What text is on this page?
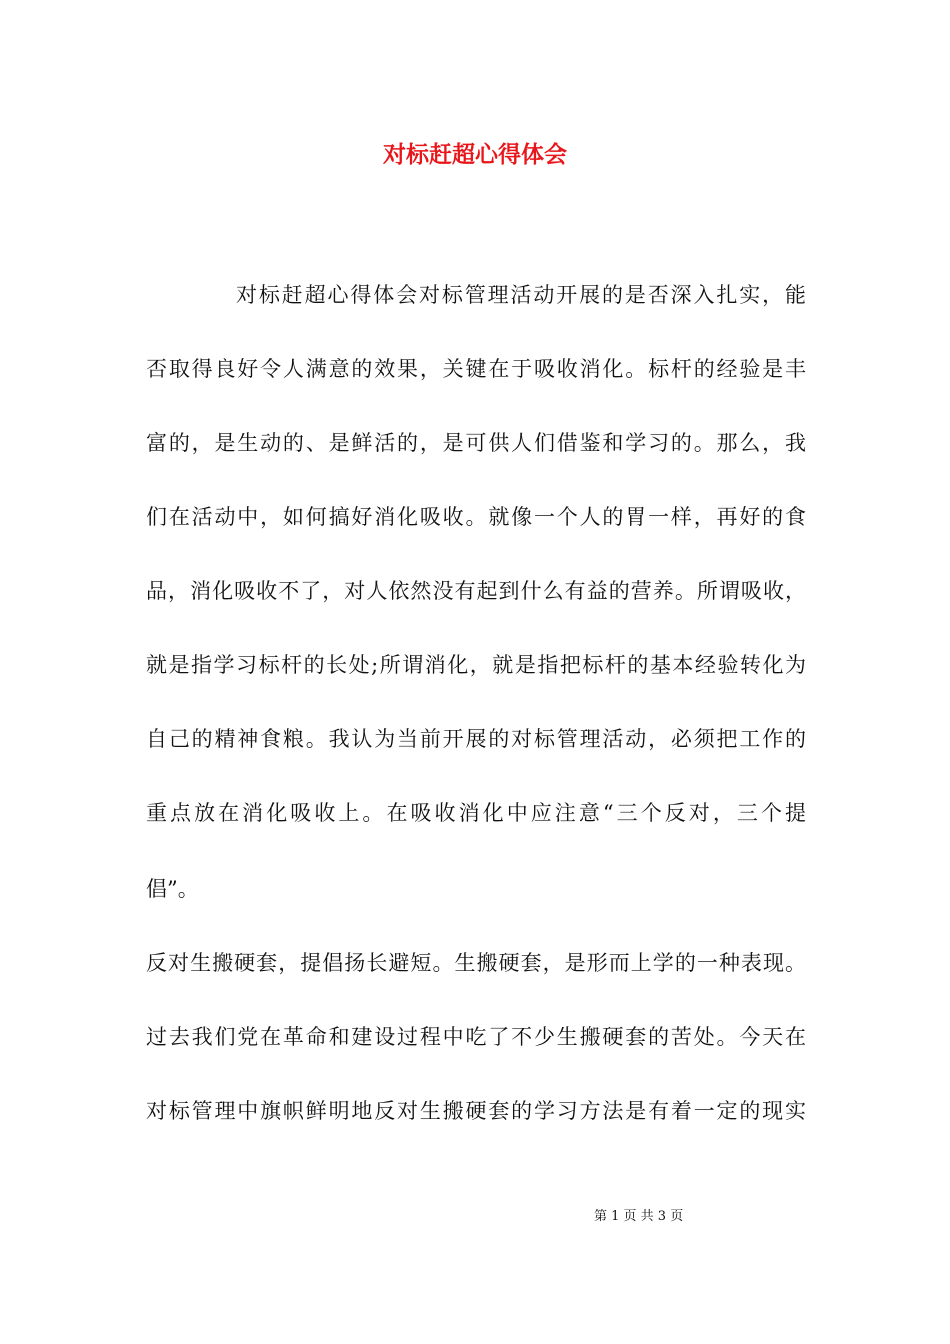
对标赶超心得体会
对标赶超心得体会对标管理活动开展的是否深入扎实，能
否取得良好令人满意的效果，关键在于吸收消化。标杆的经验是丰
富的，是生动的、是鲜活的，是可供人们借鉴和学习的。那么，我
们在活动中，如何搞好消化吸收。就像一个人的胃一样，再好的食
品，消化吸收不了，对人依然没有起到什么有益的营养。所谓吸收，
就是指学习标杆的长处;所谓消化，就是指把标杆的基本经验转化为
自己的精神食粮。我认为当前开展的对标管理活动，必须把工作的
重点放在消化吸收上。在吸收消化中应注意“三个反对，三个提
倡”。
反对生搬硬套，提倡扬长避短。生搬硬套，是形而上学的一种表现。
过去我们党在革命和建设过程中吃了不少生搬硬套的苦处。今天在
对标管理中旗帜鲜明地反对生搬硬套的学习方法是有着一定的现实
第 1 页 共 3 页
